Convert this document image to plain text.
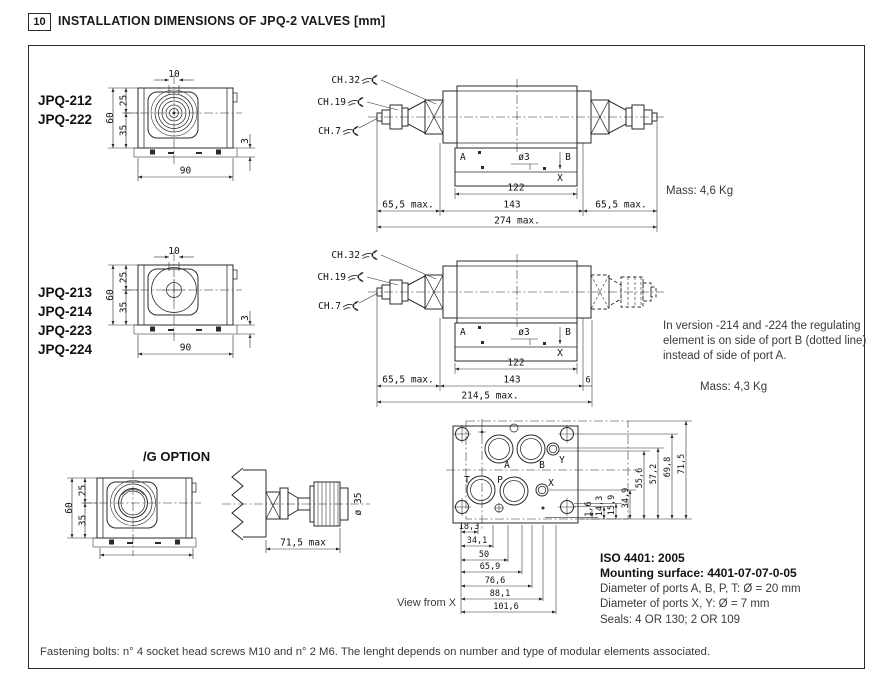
10 INSTALLATION DIMENSIONS OF JPQ-2 VALVES [mm]
JPQ-212
JPQ-222
JPQ-213
JPQ-214
JPQ-223
JPQ-224
/G OPTION
Mass: 4,6 Kg
In version -214 and -224 the regulating element is on side of port B (dotted line) instead of side of port A.
Mass: 4,3 Kg
View from X
ISO 4401: 2005
Mounting surface: 4401-07-07-0-05
Diameter of ports A, B, P, T: Ø = 20 mm
Diameter of ports X, Y: Ø = 7 mm
Seals: 4 OR 130; 2 OR 109
Fastening bolts: n° 4 socket head screws M10 and n° 2 M6. The lenght depends on number and type of modular elements associated.
10
60
25
35
3
90
10
60
25
35
3
90
A	ø3	B
X
122
143
65,5 max.	65,5 max.
274 max.
CH.32
CH.19
CH.7
A	ø3	B
X
122
143
65,5 max.	6
214,5 max.
CH.32
CH.19
CH.7
60
25
35
ø 35
71,5 max
A	B Y
T	P	X
71,5
69,8
57,2
55,6
34,9
15,9
14,3
1,6
18,3
34,1
50
65,9
76,6
88,1
101,6
